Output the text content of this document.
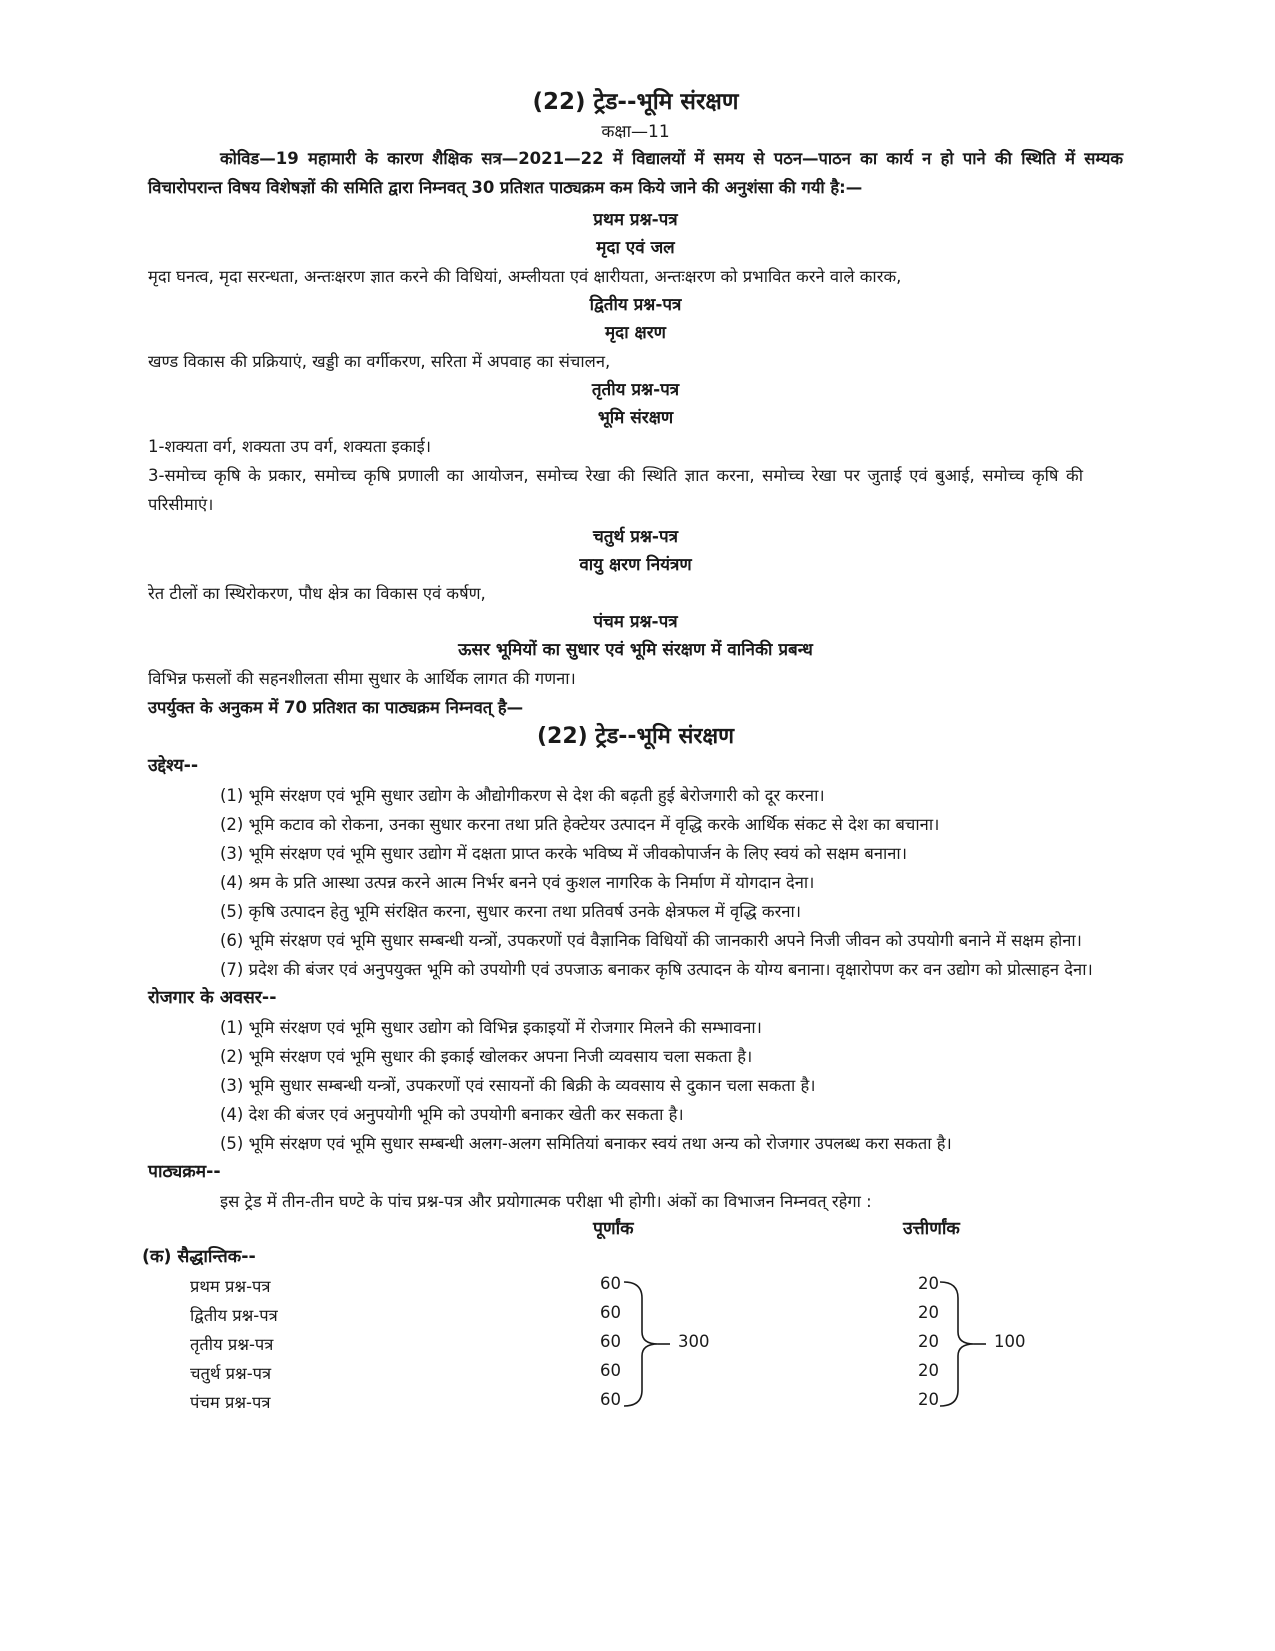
(22) ट्रेड--भूमि संरक्षण
कक्षा—11

कोविड—19 महामारी के कारण शैक्षिक सत्र—2021—22 में विद्यालयों में समय से पठन—पाठन का कार्य न हो पाने की स्थिति में सम्यक विचारोपरान्त विषय विशेषज्ञों की समिति द्वारा निम्नवत् 30 प्रतिशत पाठ्यक्रम कम किये जाने की अनुशंसा की गयी है:—

प्रथम प्रश्न-पत्र
मृदा एवं जल

मृदा घनत्व, मृदा सरन्धता, अन्तःक्षरण ज्ञात करने की विधियां, अम्लीयता एवं क्षारीयता, अन्तःक्षरण को प्रभावित करने वाले कारक,

द्वितीय प्रश्न-पत्र
मृदा क्षरण

खण्ड विकास की प्रक्रियाएं, खड्डी का वर्गीकरण, सरिता में अपवाह का संचालन,

तृतीय प्रश्न-पत्र
भूमि संरक्षण

1-शक्यता वर्ग, शक्यता उप वर्ग, शक्यता इकाई।

3-समोच्च कृषि के प्रकार, समोच्च कृषि प्रणाली का आयोजन, समोच्च रेखा की स्थिति ज्ञात करना, समोच्च रेखा पर जुताई एवं बुआई, समोच्च कृषि की परिसीमाएं।

चतुर्थ प्रश्न-पत्र
वायु क्षरण नियंत्रण

रेत टीलों का स्थिरोकरण, पौध क्षेत्र का विकास एवं कर्षण,

पंचम प्रश्न-पत्र
ऊसर भूमियों का सुधार एवं भूमि संरक्षण में वानिकी प्रबन्ध

विभिन्न फसलों की सहनशीलता सीमा सुधार के आर्थिक लागत की गणना।

उपर्युक्त के अनुकम में 70 प्रतिशत का पाठ्यक्रम निम्नवत् है—

(22) ट्रेड--भूमि संरक्षण
उद्देश्य--

(1) भूमि संरक्षण एवं भूमि सुधार उद्योग के औद्योगीकरण से देश की बढ़ती हुई बेरोजगारी को दूर करना।

(2) भूमि कटाव को रोकना, उनका सुधार करना तथा प्रति हेक्टेयर उत्पादन में वृद्धि करके आर्थिक संकट से देश का बचाना।

(3) भूमि संरक्षण एवं भूमि सुधार उद्योग में दक्षता प्राप्त करके भविष्य में जीवकोपार्जन के लिए स्वयं को सक्षम बनाना।

(4) श्रम के प्रति आस्था उत्पन्न करने आत्म निर्भर बनने एवं कुशल नागरिक के निर्माण में योगदान देना।

(5) कृषि उत्पादन हेतु भूमि संरक्षित करना, सुधार करना तथा प्रतिवर्ष उनके क्षेत्रफल में वृद्धि करना।

(6) भूमि संरक्षण एवं भूमि सुधार सम्बन्धी यन्त्रों, उपकरणों एवं वैज्ञानिक विधियों की जानकारी अपने निजी जीवन को उपयोगी बनाने में सक्षम होना।

(7) प्रदेश की बंजर एवं अनुपयुक्त भूमि को उपयोगी एवं उपजाऊ बनाकर कृषि उत्पादन के योग्य बनाना। वृक्षारोपण कर वन उद्योग को प्रोत्साहन देना।

रोजगार के अवसर--

(1) भूमि संरक्षण एवं भूमि सुधार उद्योग को विभिन्न इकाइयों में रोजगार मिलने की सम्भावना।

(2) भूमि संरक्षण एवं भूमि सुधार की इकाई खोलकर अपना निजी व्यवसाय चला सकता है।

(3) भूमि सुधार सम्बन्धी यन्त्रों, उपकरणों एवं रसायनों की बिक्री के व्यवसाय से दुकान चला सकता है।

(4) देश की बंजर एवं अनुपयोगी भूमि को उपयोगी बनाकर खेती कर सकता है।

(5) भूमि संरक्षण एवं भूमि सुधार सम्बन्धी अलग-अलग समितियां बनाकर स्वयं तथा अन्य को रोजगार उपलब्ध करा सकता है।

पाठ्यक्रम--

इस ट्रेड में तीन-तीन घण्टे के पांच प्रश्न-पत्र और प्रयोगात्मक परीक्षा भी होगी। अंकों का विभाजन निम्नवत् रहेगा :

पूर्णांक	उत्तीर्णांक
(क) सैद्धान्तिक--
प्रथम प्रश्न-पत्र	60	20
द्वितीय प्रश्न-पत्र	60	20
तृतीय प्रश्न-पत्र	60	20
चतुर्थ प्रश्न-पत्र	60	20
पंचम प्रश्न-पत्र	60	20
300	100
